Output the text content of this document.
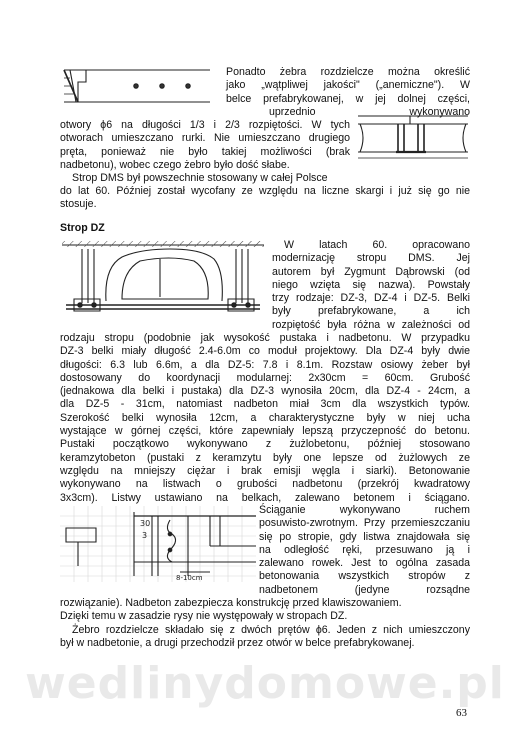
Ponadto żebra rozdzielcze można określić
jako „wątpliwej jakości" („anemiczne"). W
belce prefabrykowanej, w jej dolnej części,
uprzednio wykonywano
otwory ϕ6 na długości 1/3 i 2/3 rozpiętości. W tych
otworach umieszczano rurki. Nie umieszczano drugiego
pręta, ponieważ nie było takiej możliwości (brak
nadbetonu), wobec czego żebro było dość słabe.
Strop DMS był powszechnie stosowany w całej Polsce
do lat 60. Później został wycofany ze względu na liczne skargi i już się go nie
stosuje.
Strop DZ
W latach 60. opracowano
modernizację stropu DMS. Jej
autorem był Zygmunt Dąbrowski (od
niego wzięta się nazwa). Powstały
trzy rodzaje: DZ-3, DZ-4 i DZ-5. Belki
były prefabrykowane, a ich
rozpiętość była różna w zależności od
rodzaju stropu (podobnie jak wysokość pustaka i nadbetonu. W przypadku
DZ-3 belki miały długość 2.4-6.0m co moduł projektowy. Dla DZ-4 były dwie
długości: 6.3 lub 6.6m, a dla DZ-5: 7.8 i 8.1m. Rozstaw osiowy żeber był
dostosowany do koordynacji modularnej: 2x30cm = 60cm. Grubość
(jednakowa dla belki i pustaka) dla DZ-3 wynosiła 20cm, dla DZ-4 - 24cm, a
dla DZ-5 - 31cm, natomiast nadbeton miał 3cm dla wszystkich typów.
Szerokość belki wynosiła 12cm, a charakterystyczne były w niej ucha
wystające w górnej części, które zapewniały lepszą przyczepność do betonu.
Pustaki początkowo wykonywano z żużlobetonu, później stosowano
keramzytobeton (pustaki z keramzytu były one lepsze od żużlowych ze
względu na mniejszy ciężar i brak emisji węgla i siarki). Betonowanie
wykonywano na listwach o grubości nadbetonu (przekrój kwadratowy
3x3cm). Listwy ustawiano na belkach, zalewano betonem i ściągano.
30
3
8-10cm
Ściąganie wykonywano ruchem
posuwisto-zwrotnym. Przy przemieszczaniu
się po stropie, gdy listwa znajdowała się
na odległość ręki, przesuwano ją i
zalewano rowek. Jest to ogólna zasada
betonowania wszystkich stropów z
nadbetonem (jedyne rozsądne
rozwiązanie). Nadbeton zabezpiecza konstrukcję przed klawiszowaniem.
Dzięki temu w zasadzie rysy nie występowały w stropach DZ.
Żebro rozdzielcze składało się z dwóch prętów ϕ6. Jeden z nich umieszczony
był w nadbetonie, a drugi przechodził przez otwór w belce prefabrykowanej.
wedlinydomowe.pl
63
